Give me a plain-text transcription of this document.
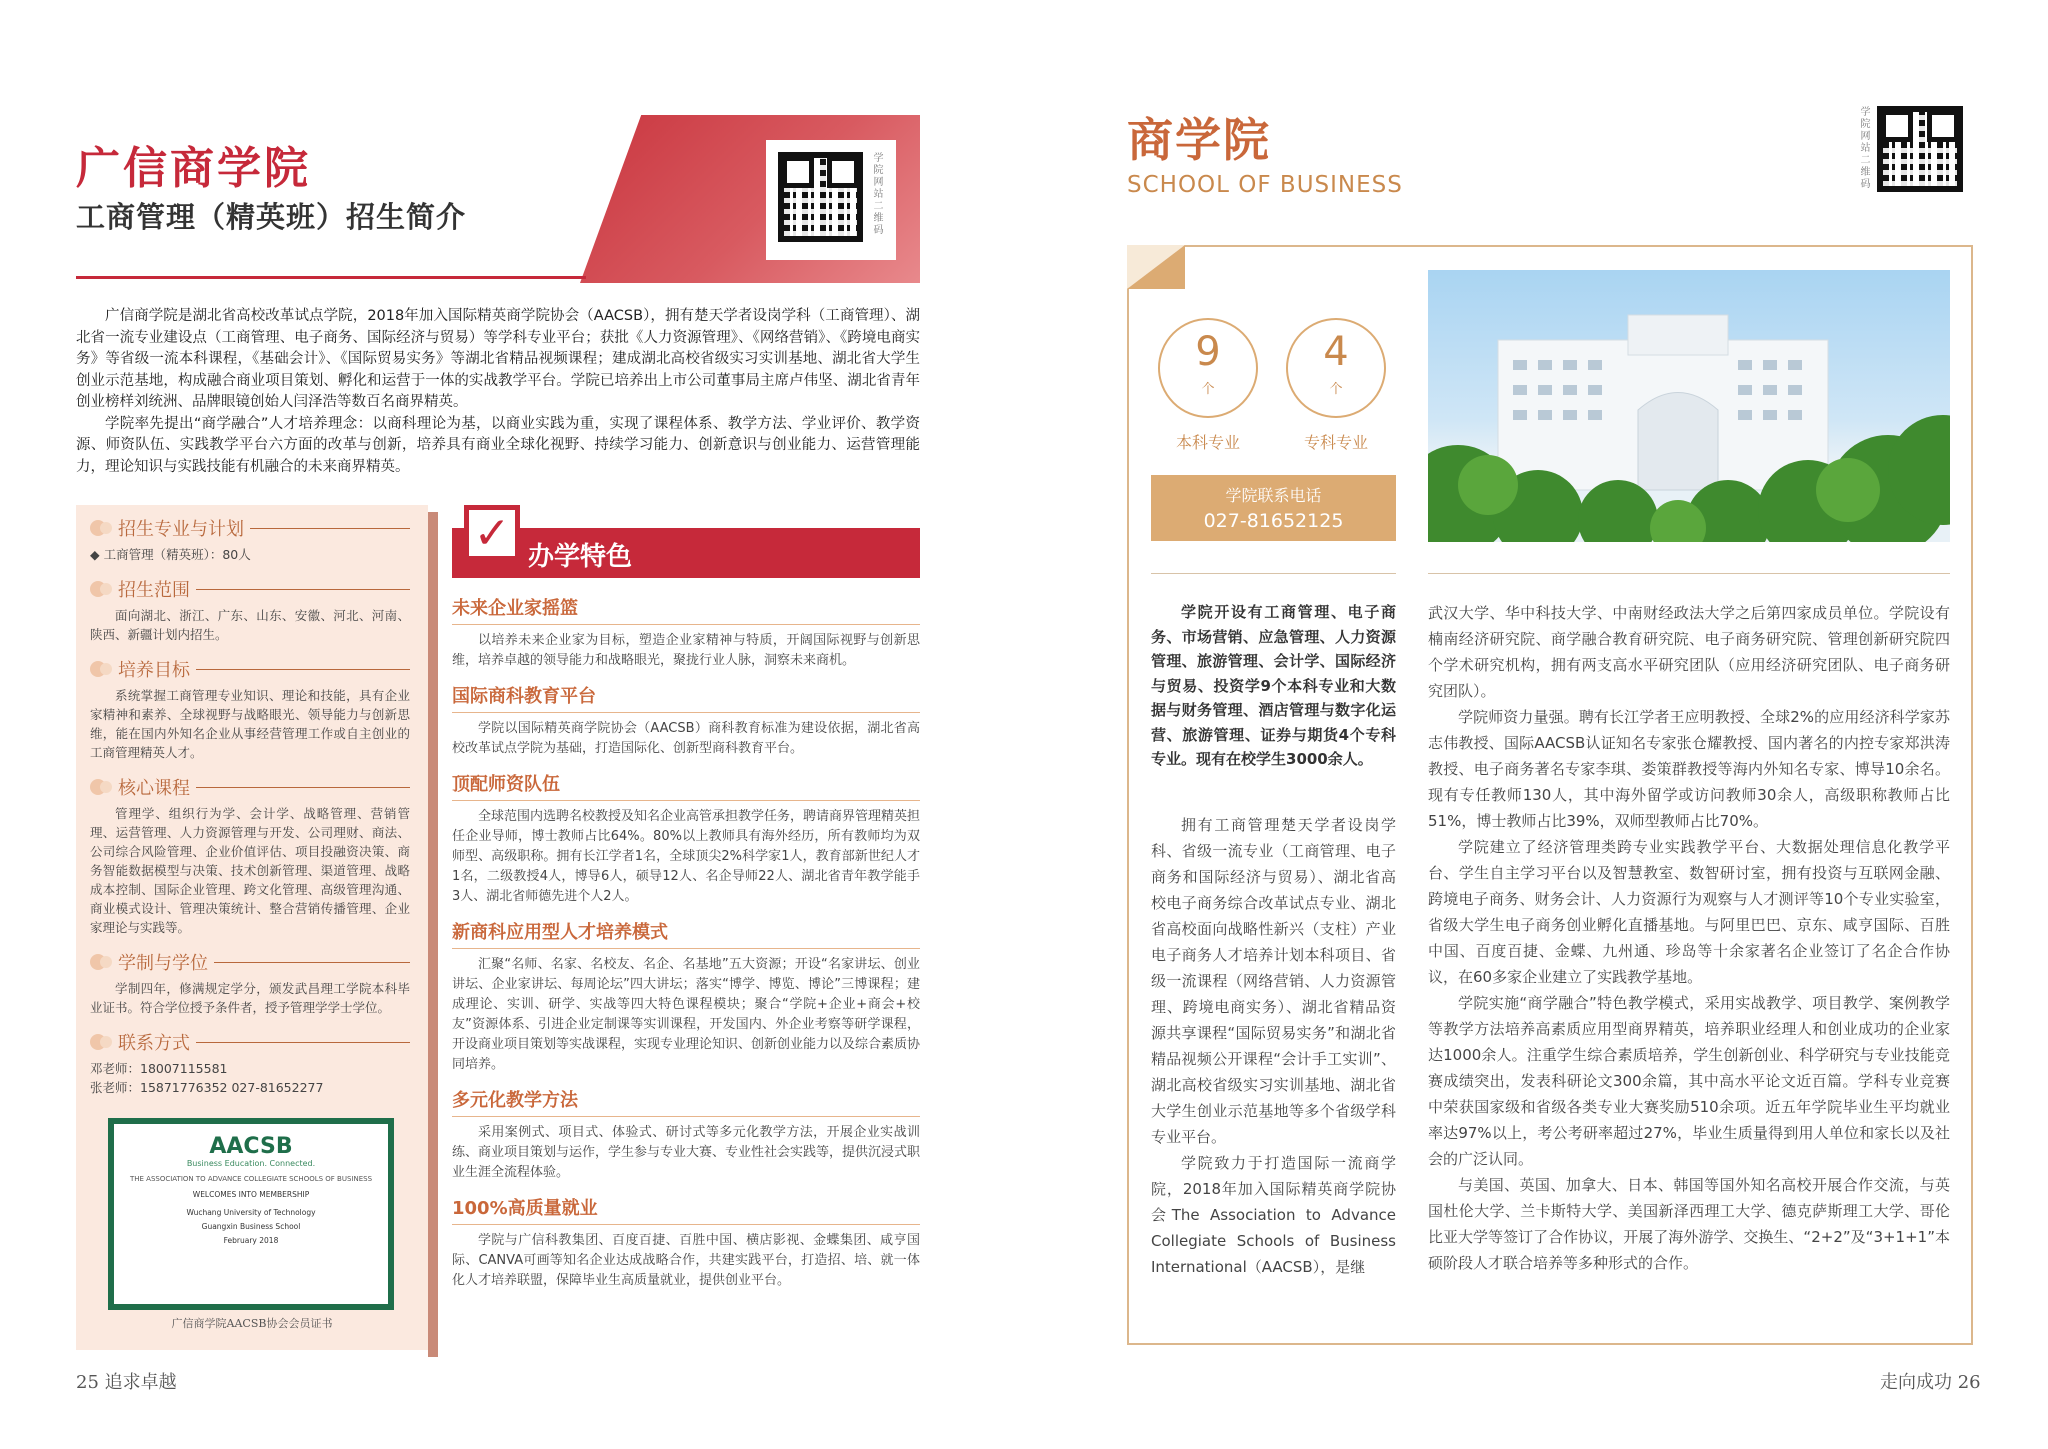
广信商学院
工商管理（精英班）招生简介	学院网站二维码

广信商学院是湖北省高校改革试点学院，2018年加入国际精英商学院协会（AACSB），拥有楚天学者设岗学科（工商管理）、湖北省一流专业建设点（工商管理、电子商务、国际经济与贸易）等学科专业平台；获批《人力资源管理》、《网络营销》、《跨境电商实务》等省级一流本科课程，《基础会计》、《国际贸易实务》等湖北省精品视频课程；建成湖北高校省级实习实训基地、湖北省大学生创业示范基地，构成融合商业项目策划、孵化和运营于一体的实战教学平台。学院已培养出上市公司董事局主席卢伟坚、湖北省青年创业榜样刘统洲、品牌眼镜创始人闫泽浩等数百名商界精英。

学院率先提出“商学融合”人才培养理念：以商科理论为基，以商业实践为重，实现了课程体系、教学方法、学业评价、教学资源、师资队伍、实践教学平台六方面的改革与创新，培养具有商业全球化视野、持续学习能力、创新意识与创业能力、运营管理能力，理论知识与实践技能有机融合的未来商界精英。

招生专业与计划
◆ 工商管理（精英班）：80人
招生范围
面向湖北、浙江、广东、山东、安徽、河北、河南、陕西、新疆计划内招生。
培养目标
系统掌握工商管理专业知识、理论和技能，具有企业家精神和素养、全球视野与战略眼光、领导能力与创新思维，能在国内外知名企业从事经营管理工作或自主创业的工商管理精英人才。
核心课程
管理学、组织行为学、会计学、战略管理、营销管理、运营管理、人力资源管理与开发、公司理财、商法、公司综合风险管理、企业价值评估、项目投融资决策、商务智能数据模型与决策、技术创新管理、渠道管理、战略成本控制、国际企业管理、跨文化管理、高级管理沟通、商业模式设计、管理决策统计、整合营销传播管理、企业家理论与实践等。
学制与学位
学制四年，修满规定学分，颁发武昌理工学院本科毕业证书。符合学位授予条件者，授予管理学学士学位。
联系方式
邓老师：18007115581
张老师：15871776352 027-81652277
AACSB
Business Education. Connected.
THE ASSOCIATION TO ADVANCE COLLEGIATE SCHOOLS OF BUSINESS
WELCOMES INTO MEMBERSHIP
Wuchang University of Technology
Guangxin Business School
February 2018
广信商学院AACSB协会会员证书
✓ 办学特色
未来企业家摇篮
以培养未来企业家为目标，塑造企业家精神与特质，开阔国际视野与创新思维，培养卓越的领导能力和战略眼光，聚拢行业人脉，洞察未来商机。
国际商科教育平台
学院以国际精英商学院协会（AACSB）商科教育标准为建设依据，湖北省高校改革试点学院为基础，打造国际化、创新型商科教育平台。
顶配师资队伍
全球范围内选聘名校教授及知名企业高管承担教学任务，聘请商界管理精英担任企业导师，博士教师占比64%。80%以上教师具有海外经历，所有教师均为双师型、高级职称。拥有长江学者1名，全球顶尖2%科学家1人，教育部新世纪人才1名，二级教授4人，博导6人，硕导12人、名企导师22人、湖北省青年教学能手3人、湖北省师德先进个人2人。
新商科应用型人才培养模式
汇聚“名师、名家、名校友、名企、名基地”五大资源；开设“名家讲坛、创业讲坛、企业家讲坛、每周论坛”四大讲坛；落实“博学、博览、博论”三博课程；建成理论、实训、研学、实战等四大特色课程模块；聚合“学院+企业+商会+校友”资源体系、引进企业定制课等实训课程，开发国内、外企业考察等研学课程，开设商业项目策划等实战课程，实现专业理论知识、创新创业能力以及综合素质协同培养。
多元化教学方法
采用案例式、项目式、体验式、研讨式等多元化教学方法，开展企业实战训练、商业项目策划与运作，学生参与专业大赛、专业性社会实践等，提供沉浸式职业生涯全流程体验。
100%高质量就业
学院与广信科教集团、百度百捷、百胜中国、横店影视、金蝶集团、咸亨国际、CANVA可画等知名企业达成战略合作，共建实践平台，打造招、培、就一体化人才培养联盟，保障毕业生高质量就业，提供创业平台。
25 追求卓越
商学院
SCHOOL OF BUSINESS	学院网站二维码
9
个
本科专业
4
个
专科专业
学院联系电话
027-81652125
学院开设有工商管理、电子商务、市场营销、应急管理、人力资源管理、旅游管理、会计学、国际经济与贸易、投资学9个本科专业和大数据与财务管理、酒店管理与数字化运营、旅游管理、证券与期货4个专科专业。现有在校学生3000余人。

拥有工商管理楚天学者设岗学科、省级一流专业（工商管理、电子商务和国际经济与贸易）、湖北省高校电子商务综合改革试点专业、湖北省高校面向战略性新兴（支柱）产业电子商务人才培养计划本科项目、省级一流课程（网络营销、人力资源管理、跨境电商实务）、湖北省精品资源共享课程“国际贸易实务”和湖北省精品视频公开课程“会计手工实训”、湖北高校省级实习实训基地、湖北省大学生创业示范基地等多个省级学科专业平台。

学院致力于打造国际一流商学院，2018年加入国际精英商学院协会The Association to Advance Collegiate Schools of Business International（AACSB），是继

武汉大学、华中科技大学、中南财经政法大学之后第四家成员单位。学院设有楠南经济研究院、商学融合教育研究院、电子商务研究院、管理创新研究院四个学术研究机构，拥有两支高水平研究团队（应用经济研究团队、电子商务研究团队）。

学院师资力量强。聘有长江学者王应明教授、全球2%的应用经济科学家苏志伟教授、国际AACSB认证知名专家张仓耀教授、国内著名的内控专家郑洪涛教授、电子商务著名专家李琪、娄策群教授等海内外知名专家、博导10余名。现有专任教师130人，其中海外留学或访问教师30余人，高级职称教师占比51%，博士教师占比39%，双师型教师占比70%。

学院建立了经济管理类跨专业实践教学平台、大数据处理信息化教学平台、学生自主学习平台以及智慧教室、数智研讨室，拥有投资与互联网金融、跨境电子商务、财务会计、人力资源行为观察与人才测评等10个专业实验室，省级大学生电子商务创业孵化直播基地。与阿里巴巴、京东、咸亨国际、百胜中国、百度百捷、金蝶、九州通、珍岛等十余家著名企业签订了名企合作协议，在60多家企业建立了实践教学基地。

学院实施“商学融合”特色教学模式，采用实战教学、项目教学、案例教学等教学方法培养高素质应用型商界精英，培养职业经理人和创业成功的企业家达1000余人。注重学生综合素质培养，学生创新创业、科学研究与专业技能竞赛成绩突出，发表科研论文300余篇，其中高水平论文近百篇。学科专业竞赛中荣获国家级和省级各类专业大赛奖励510余项。近五年学院毕业生平均就业率达97%以上，考公考研率超过27%，毕业生质量得到用人单位和家长以及社会的广泛认同。

与美国、英国、加拿大、日本、韩国等国外知名高校开展合作交流，与英国杜伦大学、兰卡斯特大学、美国新泽西理工大学、德克萨斯理工大学、哥伦比亚大学等签订了合作协议，开展了海外游学、交换生、“2+2”及“3+1+1”本硕阶段人才联合培养等多种形式的合作。

走向成功 26
